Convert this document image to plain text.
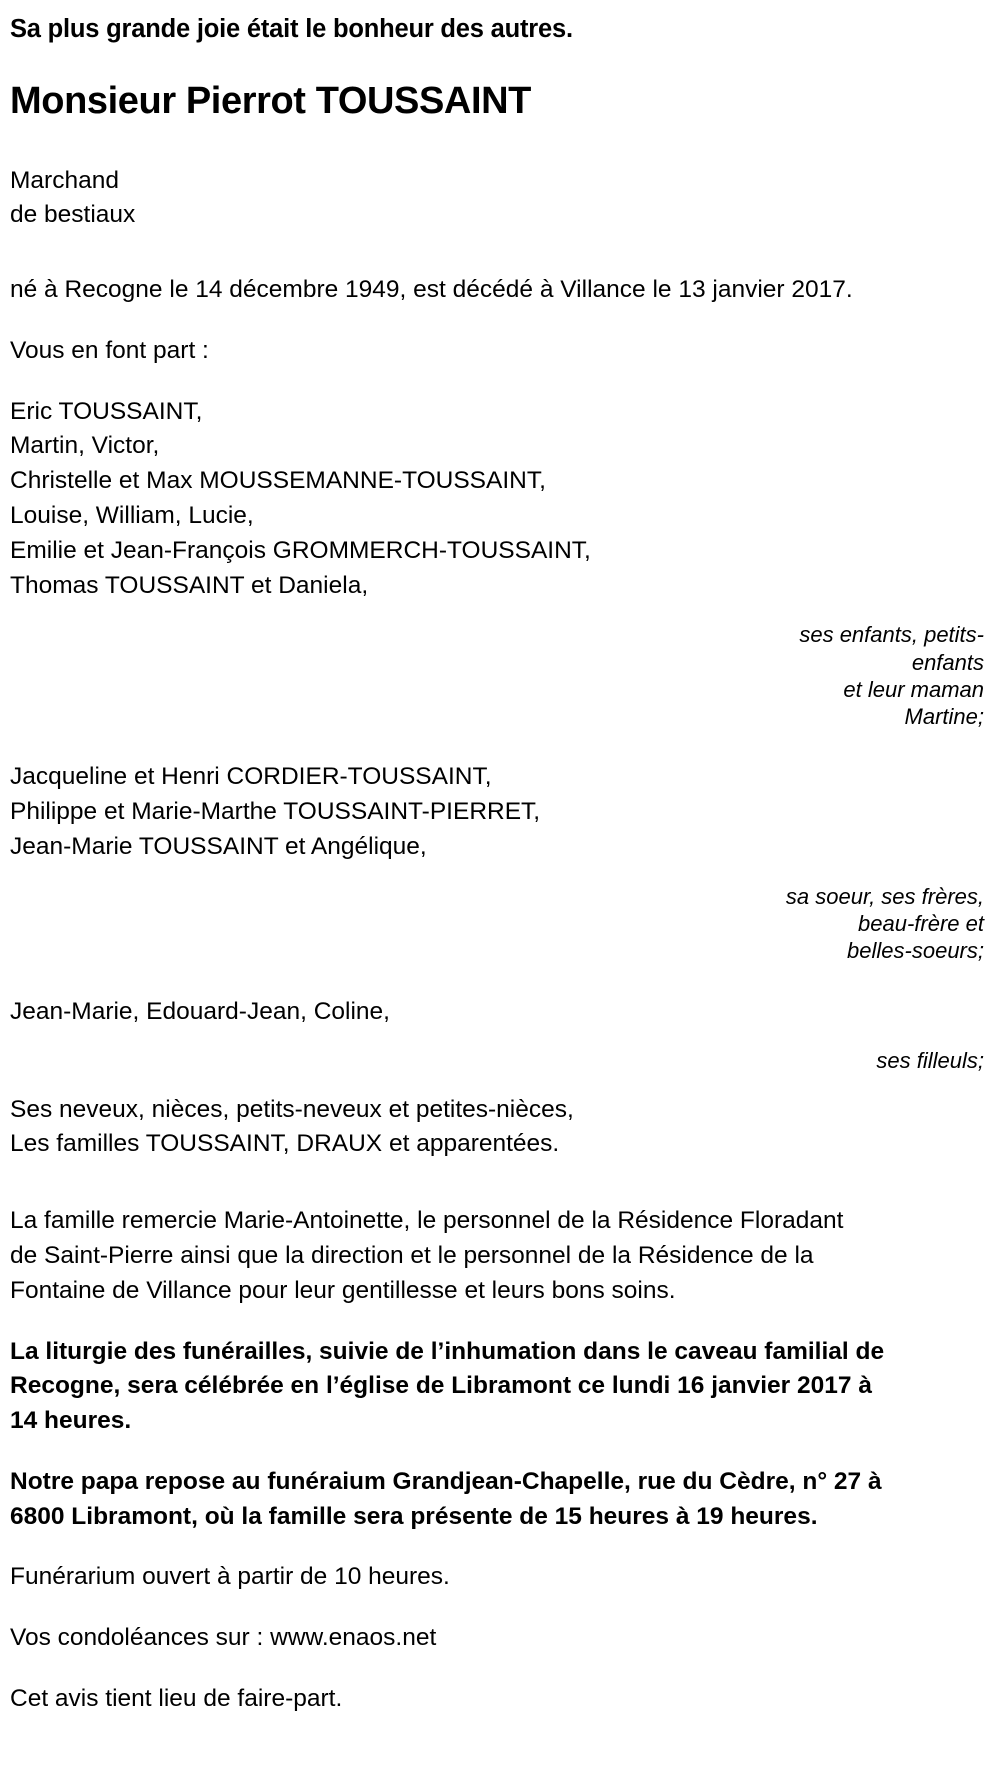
Sa plus grande joie était le bonheur des autres.

Monsieur Pierrot TOUSSAINT
Marchand
de bestiaux

né à Recogne le 14 décembre 1949, est décédé à Villance le 13 janvier 2017.

Vous en font part :

Eric TOUSSAINT,
Martin, Victor,
Christelle et Max MOUSSEMANNE-TOUSSAINT,
Louise, William, Lucie,
Emilie et Jean-François GROMMERCH-TOUSSAINT,
Thomas TOUSSAINT et Daniela,
ses enfants, petits-
enfants
et leur maman
Martine;
Jacqueline et Henri CORDIER-TOUSSAINT,
Philippe et Marie-Marthe TOUSSAINT-PIERRET,
Jean-Marie TOUSSAINT et Angélique,
sa soeur, ses frères,
beau-frère et
belles-soeurs;
Jean-Marie, Edouard-Jean, Coline,
ses filleuls;
Ses neveux, nièces, petits-neveux et petites-nièces,
Les familles TOUSSAINT, DRAUX et apparentées.

La famille remercie Marie-Antoinette, le personnel de la Résidence Floradant de Saint-Pierre ainsi que la direction et le personnel de la Résidence de la Fontaine de Villance pour leur gentillesse et leurs bons soins.

La liturgie des funérailles, suivie de l’inhumation dans le caveau familial de Recogne, sera célébrée en l’église de Libramont ce lundi 16 janvier 2017 à 14 heures.

Notre papa repose au funéraium Grandjean-Chapelle, rue du Cèdre, n° 27 à 6800 Libramont, où la famille sera présente de 15 heures à 19 heures.

Funérarium ouvert à partir de 10 heures.

Vos condoléances sur : www.enaos.net

Cet avis tient lieu de faire-part.
